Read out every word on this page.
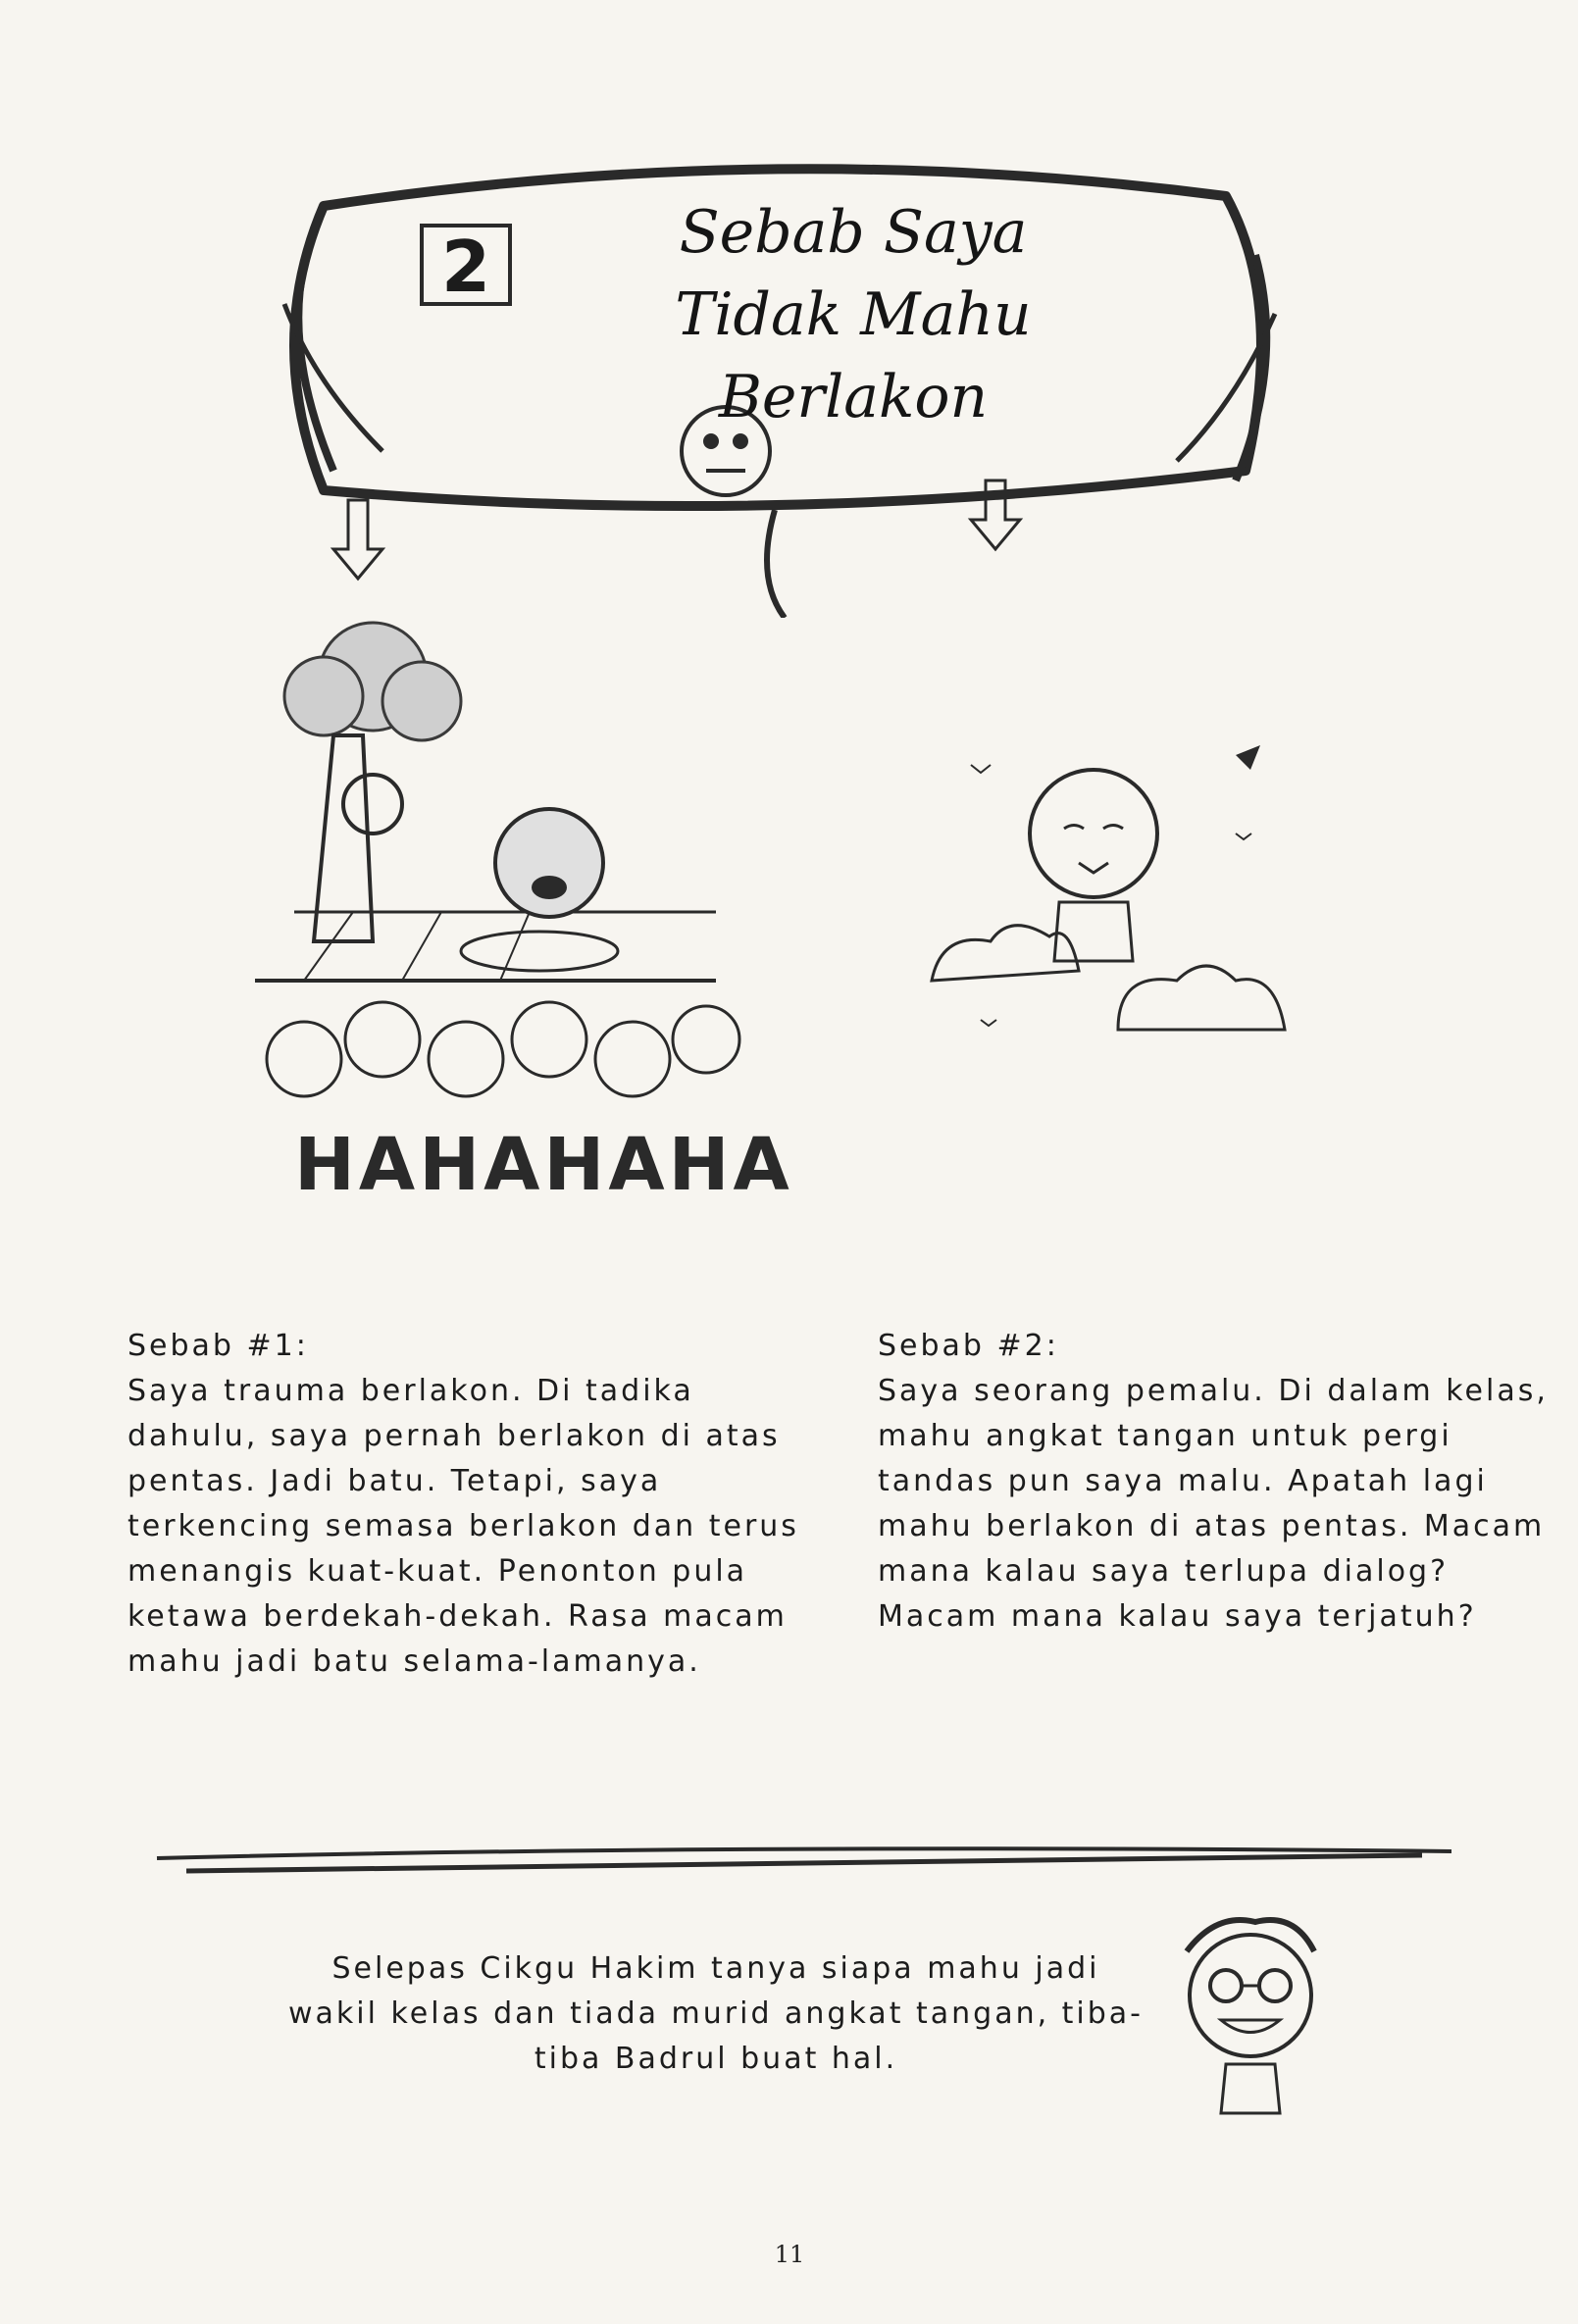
2	Sebab Saya
Tidak Mahu Berlakon
HAHAHAHA
Sebab #1:
Saya trauma berlakon. Di tadika dahulu, saya pernah berlakon di atas pentas. Jadi batu. Tetapi, saya terkencing semasa berlakon dan terus menangis kuat-kuat. Penonton pula ketawa berdekah-dekah. Rasa macam mahu jadi batu selama-lamanya.
Sebab #2:
Saya seorang pemalu. Di dalam kelas, mahu angkat tangan untuk pergi tandas pun saya malu. Apatah lagi mahu berlakon di atas pentas. Macam mana kalau saya terlupa dialog? Macam mana kalau saya terjatuh?
Selepas Cikgu Hakim tanya siapa mahu jadi wakil kelas dan tiada murid angkat tangan, tiba-tiba Badrul buat hal.
11
